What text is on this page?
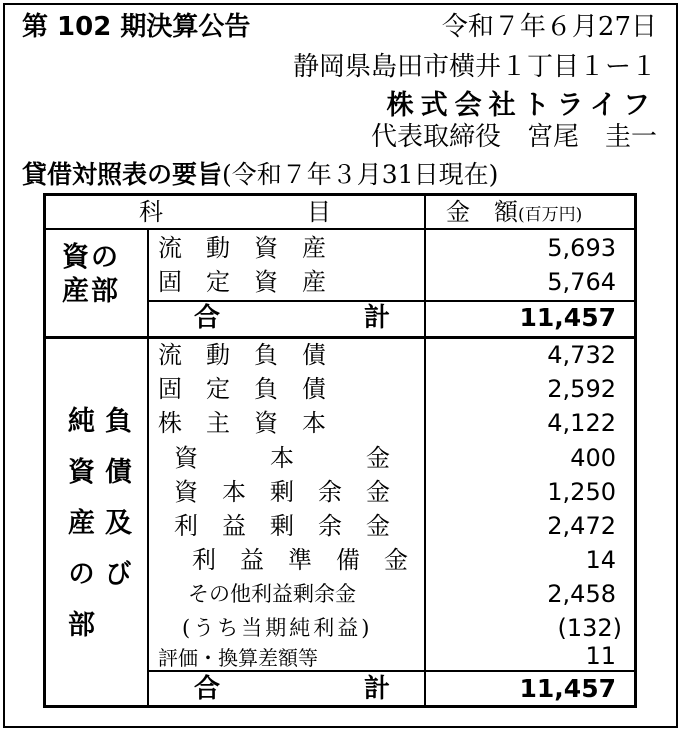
第 102 期決算公告	令和７年６月27日
静岡県島田市横井１丁目１ー１
株式会社トライフ
代表取締役　宮尾　圭一
貸借対照表の要旨(令和７年３月31日現在)
科　　　　　　目	金　額(百万円)
資の
産部
流　動　資　産	5,693
固　定　資　産	5,764
合	計	11,457
負債及び
純資産の部
流　動　負　債	4,732
固　定　負　債	2,592
株　主　資　本	4,122
資　　　本　　　金	400
資　本　剰　余　金	1,250
利　益　剰　余　金	2,472
利　益　準　備　金	14
その他利益剰余金	2,458
(うち当期純利益)	(132)
評価・換算差額等	11
合	計	11,457
